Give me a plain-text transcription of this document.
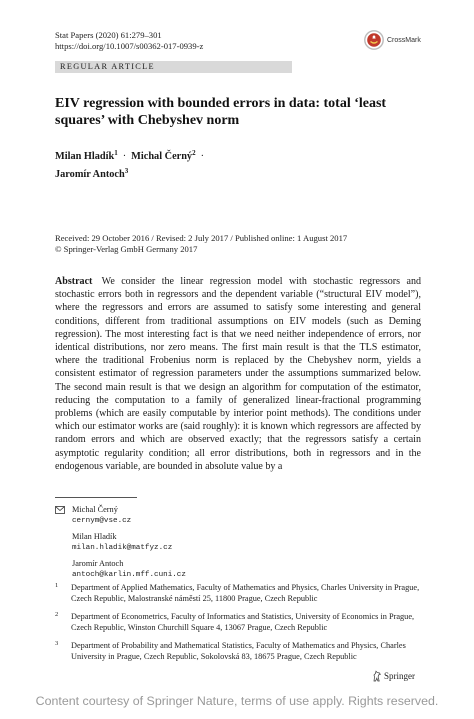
Stat Papers (2020) 61:279–301
https://doi.org/10.1007/s00362-017-0939-z
CrossMark
REGULAR ARTICLE
EIV regression with bounded errors in data: total ‘least squares’ with Chebyshev norm
Milan Hladík$^1$ · Michal Černý$^2$ ·
Jaromír Antoch$^3$
Received: 29 October 2016 / Revised: 2 July 2017 / Published online: 1 August 2017
© Springer-Verlag GmbH Germany 2017
Abstract We consider the linear regression model with stochastic regressors and stochastic errors both in regressors and the dependent variable (“structural EIV model”), where the regressors and errors are assumed to satisfy some interesting and general conditions, different from traditional assumptions on EIV models (such as Deming regression). The most interesting fact is that we need neither independence of errors, nor identical distributions, nor zero means. The first main result is that the TLS estimator, where the traditional Frobenius norm is replaced by the Chebyshev norm, yields a consistent estimator of regression parameters under the assumptions summarized below. The second main result is that we design an algorithm for computation of the estimator, reducing the computation to a family of generalized linear-fractional programming problems (which are easily computable by interior point methods). The conditions under which our estimator works are (said roughly): it is known which regressors are affected by random errors and which are observed exactly; that the regressors satisfy a certain asymptotic regularity condition; all error distributions, both in regressors and in the endogenous variable, are bounded in absolute value by a
Michal Černý
cernym@vse.cz
Milan Hladík
milan.hladik@matfyz.cz
Jaromír Antoch
antoch@karlin.mff.cuni.cz
1 Department of Applied Mathematics, Faculty of Mathematics and Physics, Charles University in Prague, Czech Republic, Malostranské náměstí 25, 11800 Prague, Czech Republic
2 Department of Econometrics, Faculty of Informatics and Statistics, University of Economics in Prague, Czech Republic, Winston Churchill Square 4, 13067 Prague, Czech Republic
3 Department of Probability and Mathematical Statistics, Faculty of Mathematics and Physics, Charles University in Prague, Czech Republic, Sokolovská 83, 18675 Prague, Czech Republic
Springer
Content courtesy of Springer Nature, terms of use apply. Rights reserved.
